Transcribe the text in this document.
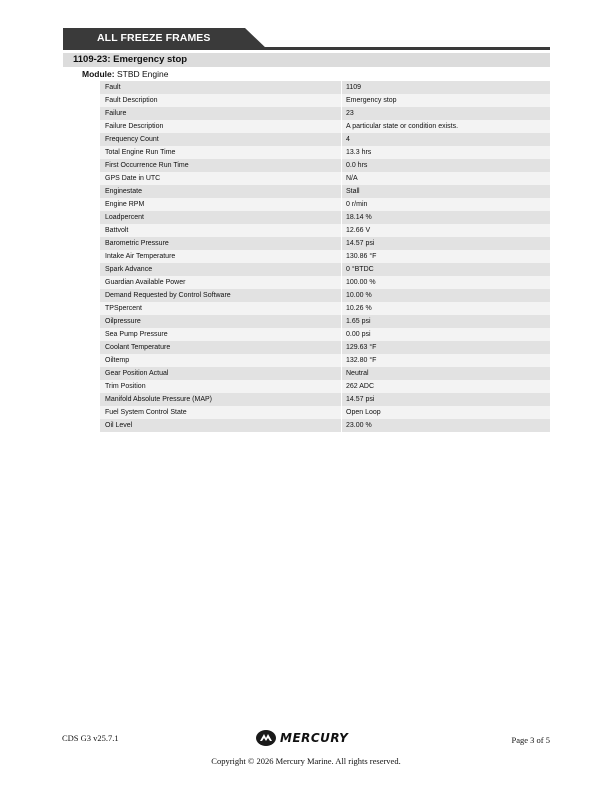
ALL FREEZE FRAMES
1109-23: Emergency stop
Module: STBD Engine
Fault	1109
Fault Description	Emergency stop
Failure	23
Failure Description	A particular state or condition exists.
Frequency Count	4
Total Engine Run Time	13.3 hrs
First Occurrence Run Time	0.0 hrs
GPS Date in UTC	N/A
Enginestate	Stall
Engine RPM	0 r/min
Loadpercent	18.14 %
Battvolt	12.66 V
Barometric Pressure	14.57 psi
Intake Air Temperature	130.86 °F
Spark Advance	0 °BTDC
Guardian Available Power	100.00 %
Demand Requested by Control Software	10.00 %
TPSpercent	10.26 %
Oilpressure	1.65 psi
Sea Pump Pressure	0.00 psi
Coolant Temperature	129.63 °F
Oiltemp	132.80 °F
Gear Position Actual	Neutral
Trim Position	262 ADC
Manifold Absolute Pressure (MAP)	14.57 psi
Fuel System Control State	Open Loop
Oil Level	23.00 %
CDS G3 v25.7.1	MERCURY	Page 3 of 5
Copyright © 2026 Mercury Marine. All rights reserved.
